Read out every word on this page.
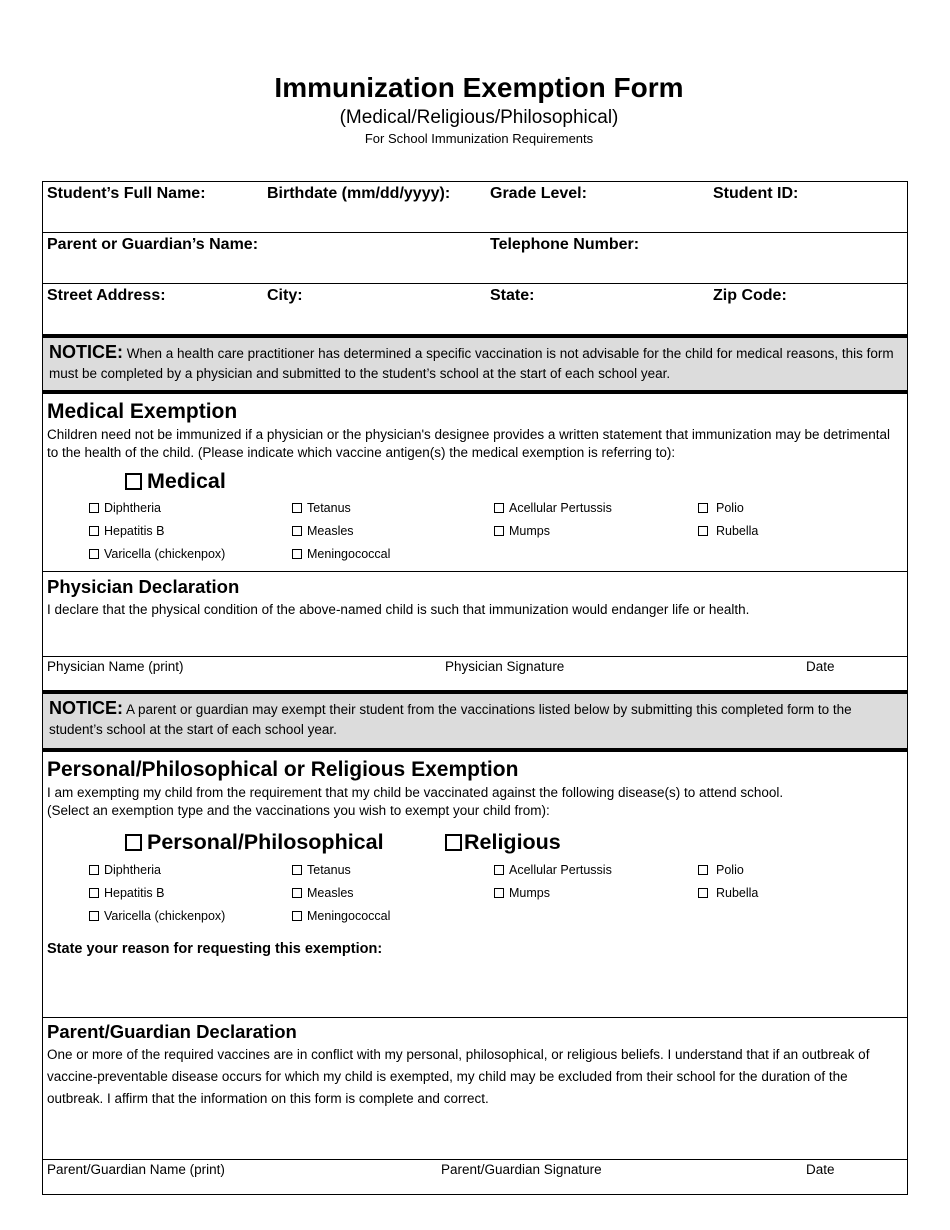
Immunization Exemption Form
(Medical/Religious/Philosophical)
For School Immunization Requirements
Student’s Full Name:	Birthdate (mm/dd/yyyy): Grade Level:	Student ID:
Parent or Guardian’s Name:	Telephone Number:
Street Address:	City:	State:	Zip Code:
NOTICE: When a health care practitioner has determined a specific vaccination is not advisable for the child for medical reasons, this form must be completed by a physician and submitted to the student’s school at the start of each school year.
Medical Exemption
Children need not be immunized if a physician or the physician's designee provides a written statement that immunization may be detrimental to the health of the child. (Please indicate which vaccine antigen(s) the medical exemption is referring to):
Medical
Diphtheria	Tetanus	Acellular Pertussis	Polio
Hepatitis B	Measles	Mumps	Rubella
Varicella (chickenpox)	Meningococcal
Physician Declaration
I declare that the physical condition of the above-named child is such that immunization would endanger life or health.
Physician Name (print)	Physician Signature	Date
NOTICE: A parent or guardian may exempt their student from the vaccinations listed below by submitting this completed form to the student’s school at the start of each school year.
Personal/Philosophical or Religious Exemption
I am exempting my child from the requirement that my child be vaccinated against the following disease(s) to attend school.
(Select an exemption type and the vaccinations you wish to exempt your child from):
Personal/Philosophical	Religious
Diphtheria	Tetanus	Acellular Pertussis	Polio
Hepatitis B	Measles	Mumps	Rubella
Varicella (chickenpox)	Meningococcal
State your reason for requesting this exemption:
Parent/Guardian Declaration
One or more of the required vaccines are in conflict with my personal, philosophical, or religious beliefs. I understand that if an outbreak of vaccine-preventable disease occurs for which my child is exempted, my child may be excluded from their school for the duration of the outbreak. I affirm that the information on this form is complete and correct.
Parent/Guardian Name (print)	Parent/Guardian Signature	Date
